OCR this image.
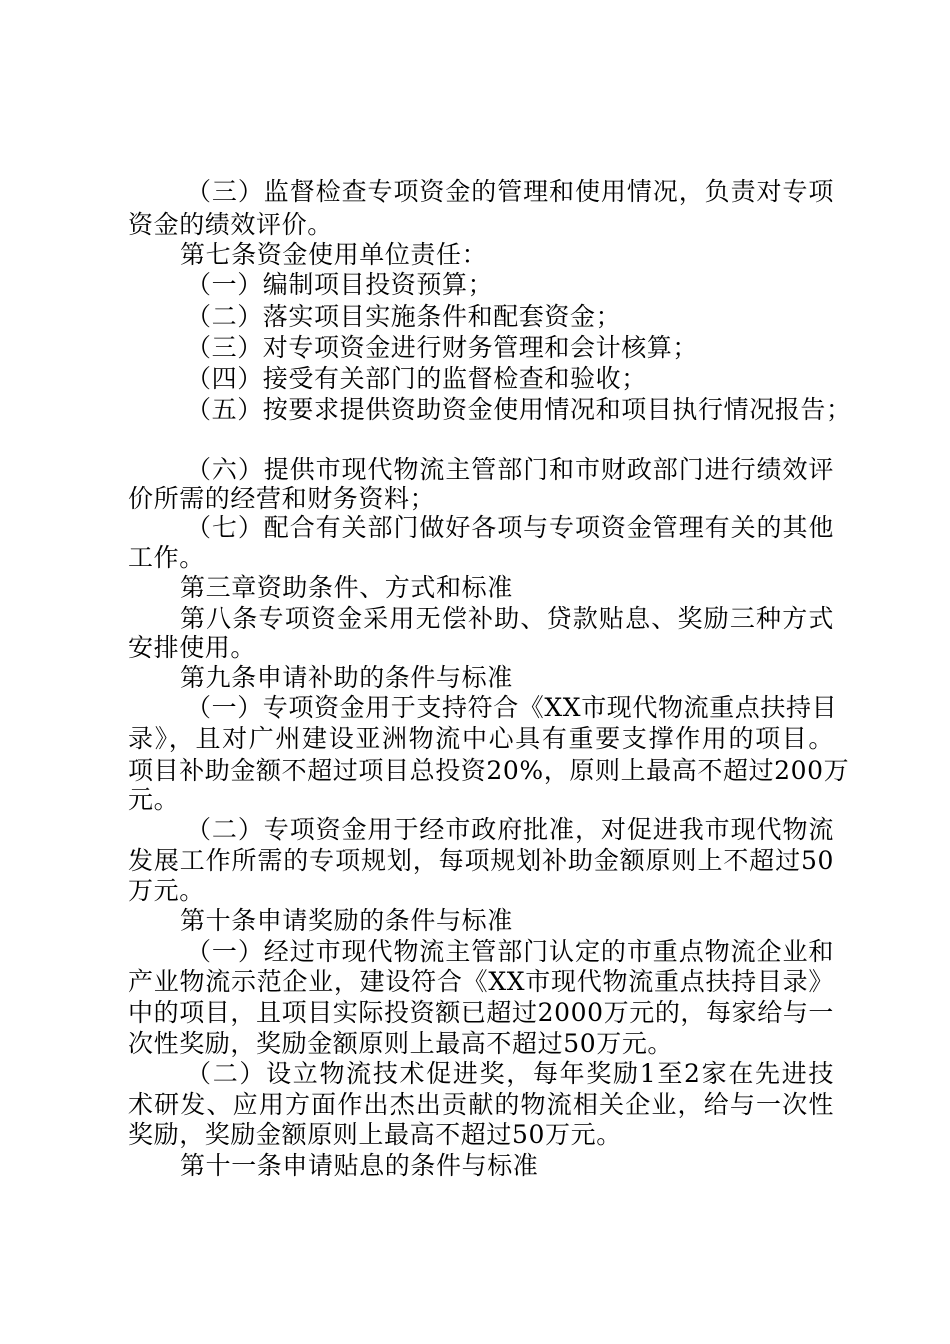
（三）监督检查专项资金的管理和使用情况，负责对专项
资金的绩效评价。
第七条资金使用单位责任：
（一）编制项目投资预算；
（二）落实项目实施条件和配套资金；
（三）对专项资金进行财务管理和会计核算；
（四）接受有关部门的监督检查和验收；
（五）按要求提供资助资金使用情况和项目执行情况报告；
（六）提供市现代物流主管部门和市财政部门进行绩效评
价所需的经营和财务资料；
（七）配合有关部门做好各项与专项资金管理有关的其他
工作。
第三章资助条件、方式和标准
第八条专项资金采用无偿补助、贷款贴息、奖励三种方式
安排使用。
第九条申请补助的条件与标准
（一）专项资金用于支持符合《XX市现代物流重点扶持目
录》，且对广州建设亚洲物流中心具有重要支撑作用的项目。
项目补助金额不超过项目总投资20%，原则上最高不超过200万
元。
（二）专项资金用于经市政府批准，对促进我市现代物流
发展工作所需的专项规划，每项规划补助金额原则上不超过50
万元。
第十条申请奖励的条件与标准
（一）经过市现代物流主管部门认定的市重点物流企业和
产业物流示范企业，建设符合《XX市现代物流重点扶持目录》
中的项目，且项目实际投资额已超过2000万元的，每家给与一
次性奖励，奖励金额原则上最高不超过50万元。
（二）设立物流技术促进奖，每年奖励1至2家在先进技
术研发、应用方面作出杰出贡献的物流相关企业，给与一次性
奖励，奖励金额原则上最高不超过50万元。
第十一条申请贴息的条件与标准
